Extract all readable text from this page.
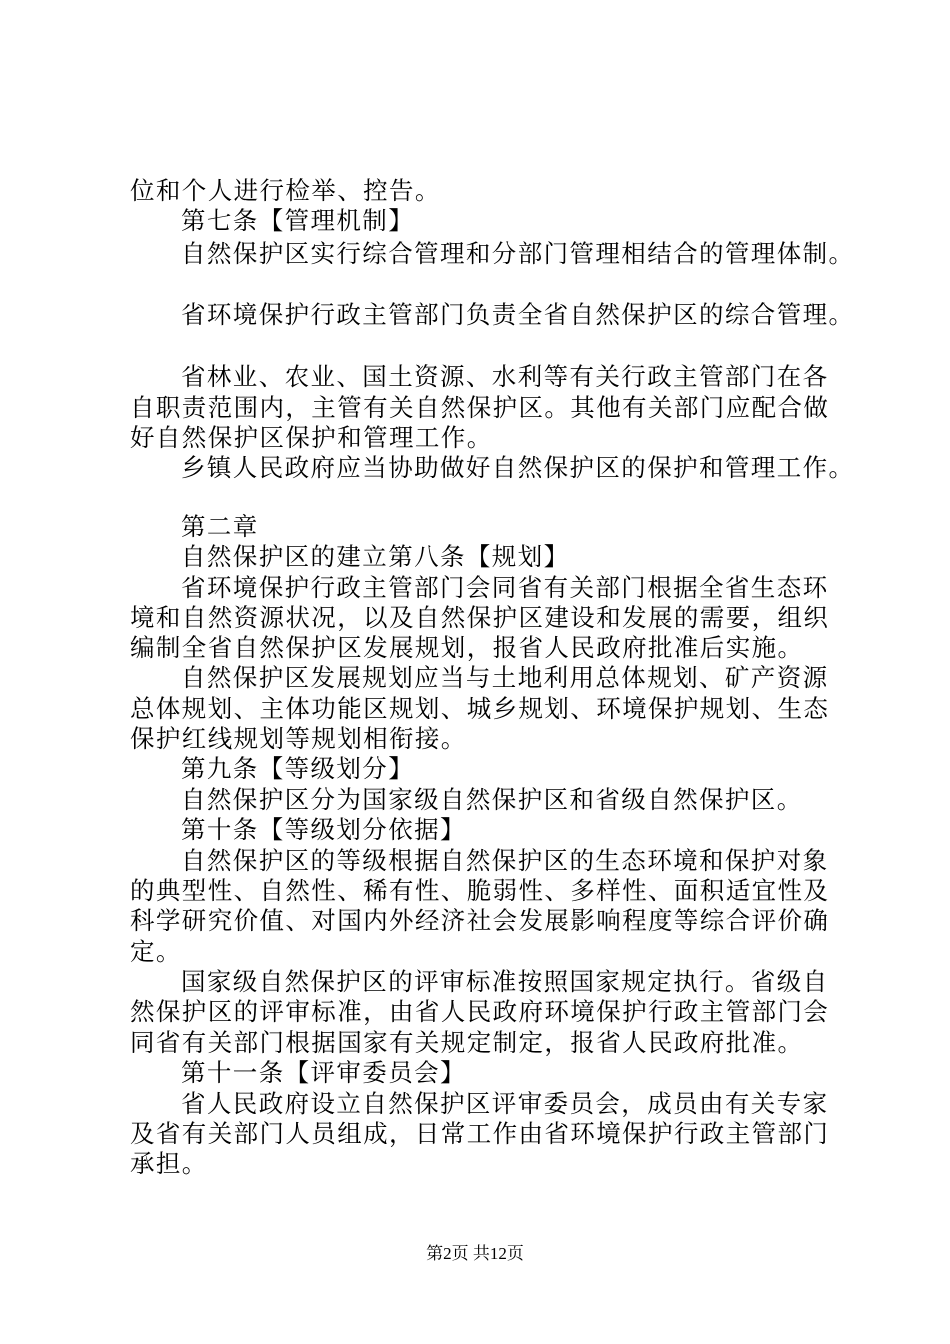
位和个人进行检举、控告。
第七条【管理机制】
自然保护区实行综合管理和分部门管理相结合的管理体制。
省环境保护行政主管部门负责全省自然保护区的综合管理。
省林业、农业、国土资源、水利等有关行政主管部门在各
自职责范围内，主管有关自然保护区。其他有关部门应配合做
好自然保护区保护和管理工作。
乡镇人民政府应当协助做好自然保护区的保护和管理工作。
第二章
自然保护区的建立第八条【规划】
省环境保护行政主管部门会同省有关部门根据全省生态环
境和自然资源状况，以及自然保护区建设和发展的需要，组织
编制全省自然保护区发展规划，报省人民政府批准后实施。
自然保护区发展规划应当与土地利用总体规划、矿产资源
总体规划、主体功能区规划、城乡规划、环境保护规划、生态
保护红线规划等规划相衔接。
第九条【等级划分】
自然保护区分为国家级自然保护区和省级自然保护区。
第十条【等级划分依据】
自然保护区的等级根据自然保护区的生态环境和保护对象
的典型性、自然性、稀有性、脆弱性、多样性、面积适宜性及
科学研究价值、对国内外经济社会发展影响程度等综合评价确
定。
国家级自然保护区的评审标准按照国家规定执行。省级自
然保护区的评审标准，由省人民政府环境保护行政主管部门会
同省有关部门根据国家有关规定制定，报省人民政府批准。
第十一条【评审委员会】
省人民政府设立自然保护区评审委员会，成员由有关专家
及省有关部门人员组成，日常工作由省环境保护行政主管部门
承担。
第2页 共12页
